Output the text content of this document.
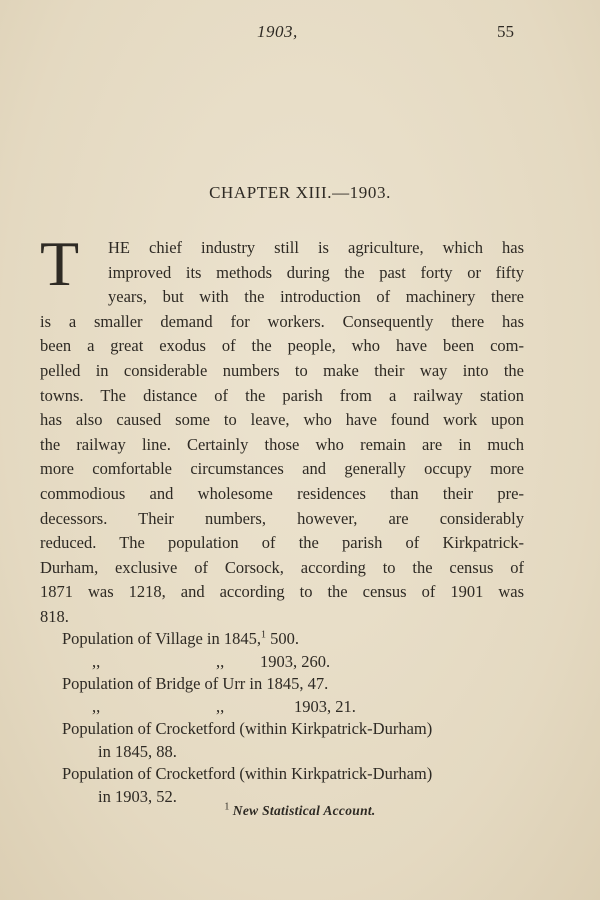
1903,	55
CHAPTER XIII.—1903.
T HE chief industry still is agriculture, which has
improved its methods during the past forty or fifty
years, but with the introduction of machinery there
is a smaller demand for workers. Consequently there has
been a great exodus of the people, who have been com-
pelled in considerable numbers to make their way into the
towns. The distance of the parish from a railway station
has also caused some to leave, who have found work upon
the railway line. Certainly those who remain are in much
more comfortable circumstances and generally occupy more
commodious and wholesome residences than their pre-
decessors. Their numbers, however, are considerably
reduced. The population of the parish of Kirkpatrick-
Durham, exclusive of Corsock, according to the census of
1871 was 1218, and according to the census of 1901 was
818.
Population of Village in 1845,$^1$ 500.
,,	,, 1903, 260.
Population of Bridge of Urr in 1845, 47.
,,	,,	1903, 21.
Population of Crocketford (within Kirkpatrick-Durham)
in 1845, 88.
Population of Crocketford (within Kirkpatrick-Durham)
in 1903, 52.
$^1$ New Statistical Account.
